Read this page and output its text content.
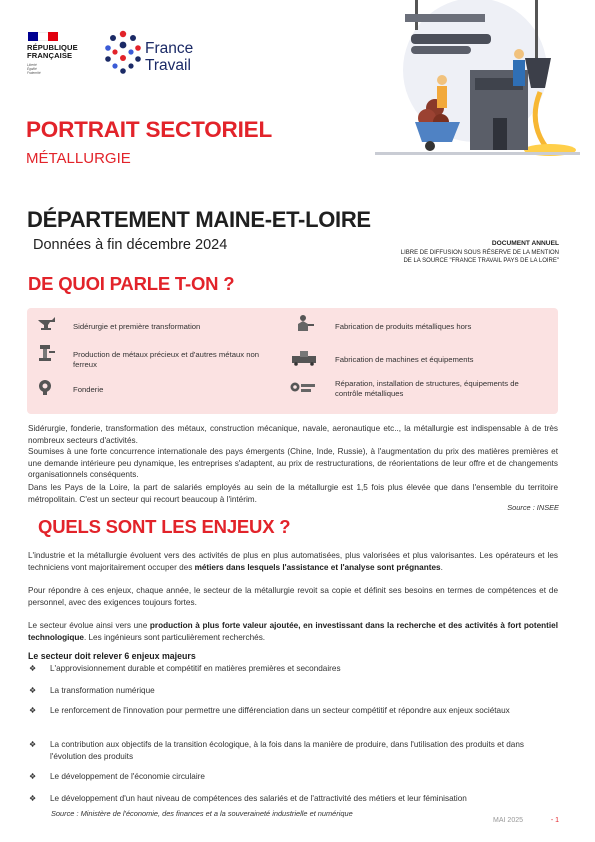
RÉPUBLIQUE
FRANÇAISE
Liberté
Égalité
Fraternité
France
Travail
PORTRAIT SECTORIEL
MÉTALLURGIE
DÉPARTEMENT MAINE-ET-LOIRE
Données à fin décembre 2024	DOCUMENT ANNUEL
LIBRE DE DIFFUSION SOUS RÉSERVE DE LA MENTION
DE LA SOURCE "FRANCE TRAVAIL PAYS DE LA LOIRE"
DE QUOI PARLE T-ON ?
Sidérurgie et première transformation
Production de métaux précieux et d'autres métaux non ferreux
Fonderie
Fabrication de produits métalliques hors
Fabrication de machines et équipements
Réparation, installation de structures, équipements de contrôle métalliques
Sidérurgie, fonderie, transformation des métaux, construction mécanique, navale, aeronautique etc.., la métallurgie est indispensable à de très nombreux secteurs d'activités.
Soumises à une forte concurrence internationale des pays émergents (Chine, Inde, Russie), à l'augmentation du prix des matières premières et une demande intérieure peu dynamique, les entreprises s'adaptent, au prix de restructurations, de réorientations de leur offre et de changements organisationnels conséquents.
Dans les Pays de la Loire, la part de salariés employés au sein de la métallurgie est 1,5 fois plus élevée que dans l'ensemble du territoire métropolitain. C'est un secteur qui recourt beaucoup à l'intérim.
Source : INSEE
QUELS SONT LES ENJEUX ?
L'industrie et la métallurgie évoluent vers des activités de plus en plus automatisées, plus valorisées et plus valorisantes. Les opérateurs et les techniciens vont majoritairement occuper des métiers dans lesquels l'assistance et l'analyse sont prégnantes.
Pour répondre à ces enjeux, chaque année, le secteur de la métallurgie revoit sa copie et définit ses besoins en termes de compétences et de personnel, avec des exigences toujours fortes.
Le secteur évolue ainsi vers une production à plus forte valeur ajoutée, en investissant dans la recherche et des activités à fort potentiel technologique. Les ingénieurs sont particulièrement recherchés.
Le secteur doit relever 6 enjeux majeurs
❖ L'approvisionnement durable et compétitif en matières premières et secondaires
❖ La transformation numérique
❖ Le renforcement de l'innovation pour permettre une différenciation dans un secteur compétitif et répondre aux enjeux sociétaux
❖ La contribution aux objectifs de la transition écologique, à la fois dans la manière de produire, dans l'utilisation des produits et dans l'évolution des produits
❖ Le développement de l'économie circulaire
❖ Le développement d'un haut niveau de compétences des salariés et de l'attractivité des métiers et leur féminisation
Source : Ministère de l'économie, des finances et a la souveraineté industrielle et numérique
MAI 2025	- 1
